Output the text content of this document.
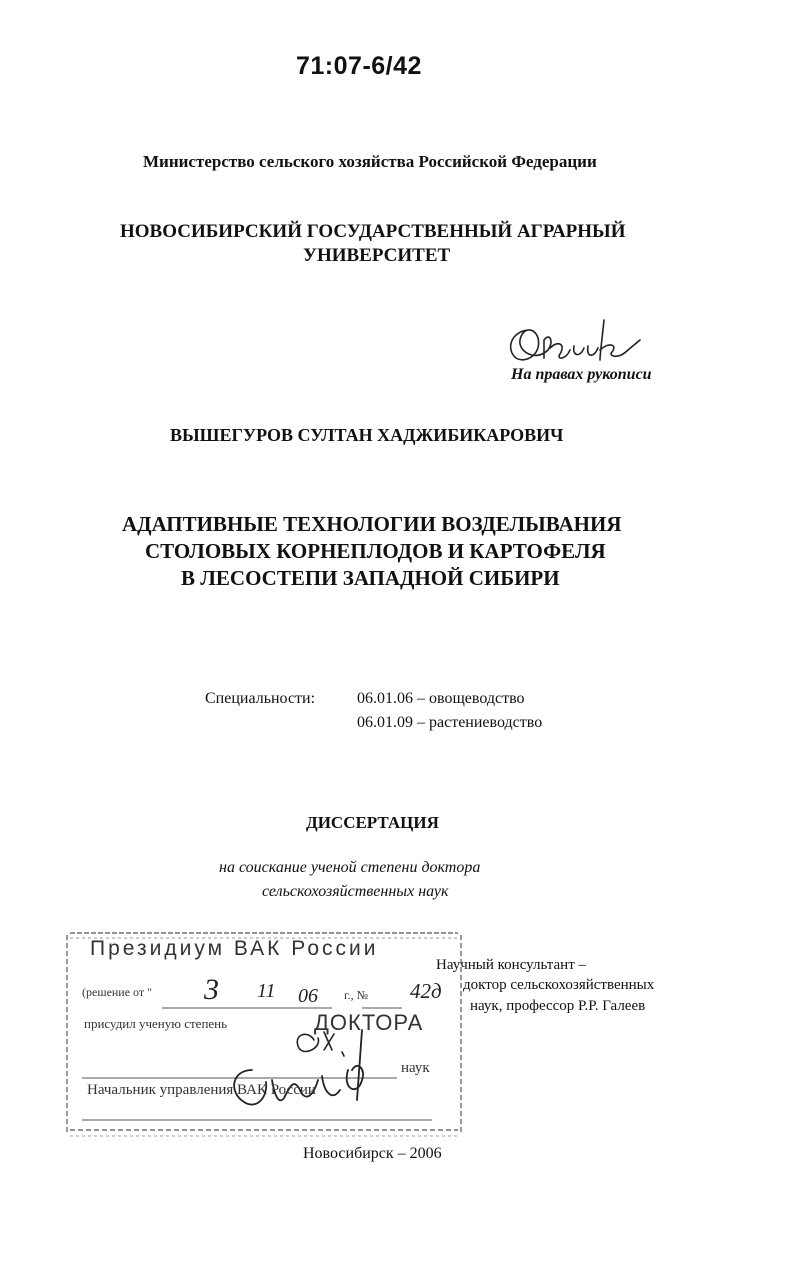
71:07-6/42
Министерство сельского хозяйства Российской Федерации
НОВОСИБИРСКИЙ ГОСУДАРСТВЕННЫЙ АГРАРНЫЙ
УНИВЕРСИТЕТ
На правах рукописи
ВЫШЕГУРОВ СУЛТАН ХАДЖИБИКАРОВИЧ
АДАПТИВНЫЕ ТЕХНОЛОГИИ ВОЗДЕЛЫВАНИЯ
СТОЛОВЫХ КОРНЕПЛОДОВ И КАРТОФЕЛЯ
В ЛЕСОСТЕПИ ЗАПАДНОЙ СИБИРИ
Специальности:	06.01.06 – овощеводство
06.01.09 – растениеводство
ДИССЕРТАЦИЯ
на соискание ученой степени доктора
сельскохозяйственных наук
Научный консультант –
доктор сельскохозяйственных
наук, профессор Р.Р. Галеев
Президиум ВАК России
(решение от " 3 11 06 г., № 42д
присудил ученую степень	ДОКТОРА
наук
Начальник управления ВАК России
Новосибирск – 2006
